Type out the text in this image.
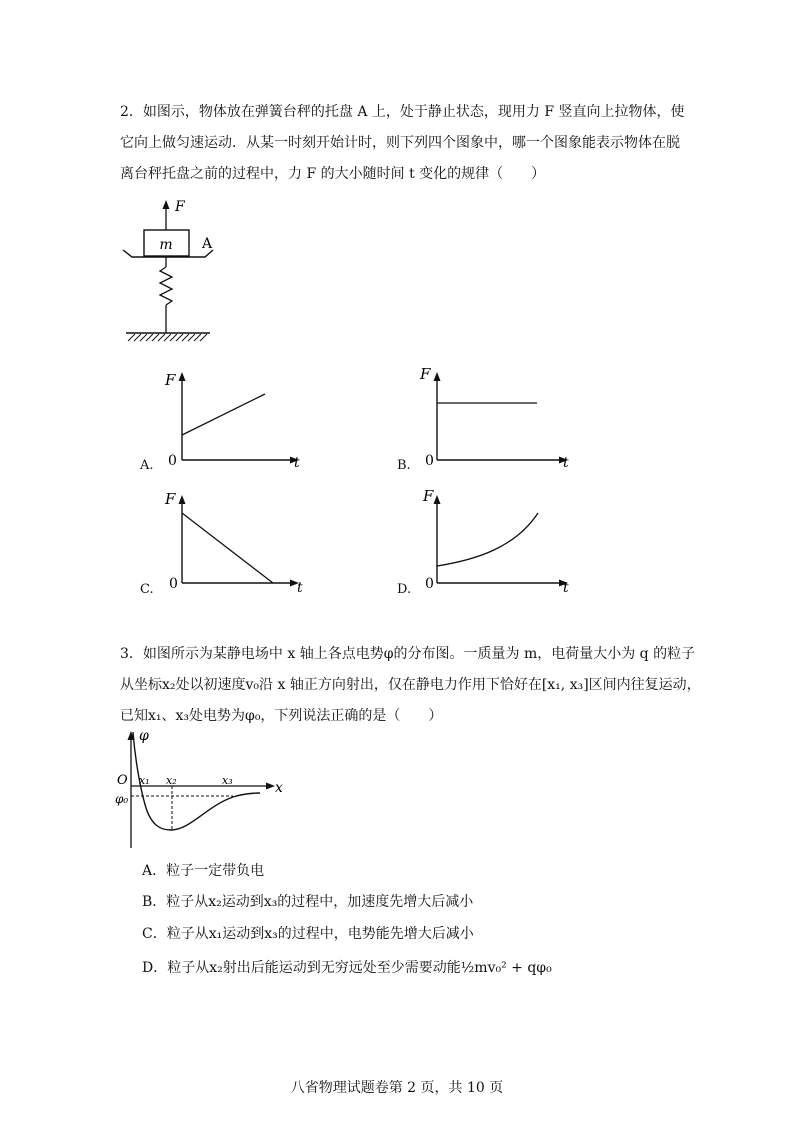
2．如图示，物体放在弹簧台秤的托盘 A 上，处于静止状态，现用力 F 竖直向上拉物体，使
它向上做匀速运动．从某一时刻开始计时，则下列四个图象中，哪一个图象能表示物体在脱
离台秤托盘之前的过程中，力 F 的大小随时间 t 变化的规律（　　）
F
m A
F
0	t
A.
F
0	t
B.
F
0	t
C.
F
0	t
D.
3．如图所示为某静电场中 x 轴上各点电势φ的分布图。一质量为 m，电荷量大小为 q 的粒子
从坐标x₂处以初速度v₀沿 x 轴正方向射出，仅在静电力作用下恰好在[x₁, x₃]区间内往复运动，
已知x₁、x₃处电势为φ₀，下列说法正确的是（　　）
φ
O
φ₀
x₁ x₂	x₃	x
A．粒子一定带负电
B．粒子从x₂运动到x₃的过程中，加速度先增大后减小
C．粒子从x₁运动到x₃的过程中，电势能先增大后减小
D．粒子从x₂射出后能运动到无穷远处至少需要动能½mv₀² + qφ₀
八省物理试题卷第 2 页，共 10 页
